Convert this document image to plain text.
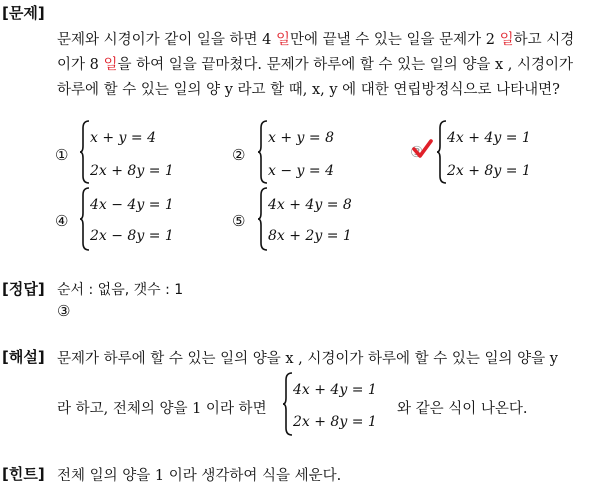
[문제]
문제와 시경이가 같이 일을 하면 4 일만에 끝낼 수 있는 일을 문제가 2 일하고 시경
이가 8 일을 하여 일을 끝마쳤다. 문제가 하루에 할 수 있는 일의 양을 x , 시경이가
하루에 할 수 있는 일의 양 y 라고 할 때, x, y 에 대한 연립방정식으로 나타내면?
①
x + y = 4
2x + 8y = 1
②
x + y = 8
x − y = 4
③
4x + 4y = 1
2x + 8y = 1
④
4x − 4y = 1
2x − 8y = 1
⑤
4x + 4y = 8
8x + 2y = 1
[정답] 순서 : 없음, 갯수 : 1
③
[해설] 문제가 하루에 할 수 있는 일의 양을 x , 시경이가 하루에 할 수 있는 일의 양을 y
라 하고, 전체의 양을 1 이라 하면
4x + 4y = 1
2x + 8y = 1
와 같은 식이 나온다.
[힌트] 전체 일의 양을 1 이라 생각하여 식을 세운다.
